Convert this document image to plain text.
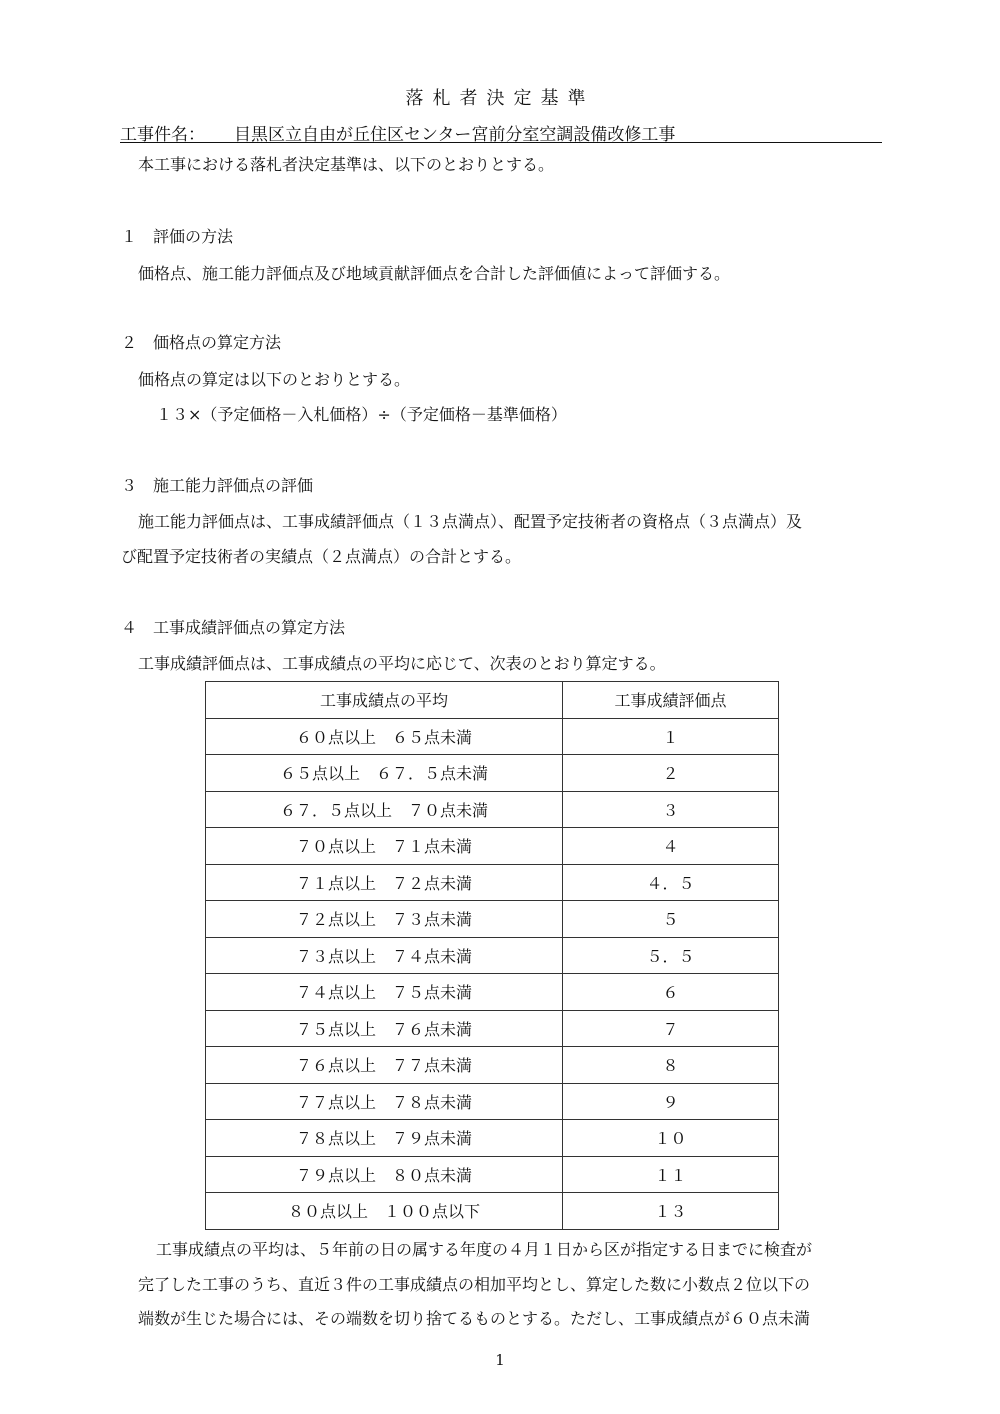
落札者決定基準

工事件名： 目黒区立自由が丘住区センター宮前分室空調設備改修工事

本工事における落札者決定基準は、以下のとおりとする。

１　評価の方法

価格点、施工能力評価点及び地域貢献評価点を合計した評価値によって評価する。

２　価格点の算定方法

価格点の算定は以下のとおりとする。

１３×（予定価格－入札価格）÷（予定価格－基準価格）

３　施工能力評価点の評価

施工能力評価点は、工事成績評価点（１３点満点）、配置予定技術者の資格点（３点満点）及

び配置予定技術者の実績点（２点満点）の合計とする。

４　工事成績評価点の算定方法

工事成績評価点は、工事成績点の平均に応じて、次表のとおり算定する。

工事成績点の平均	工事成績評価点
６０点以上　６５点未満	１
６５点以上　６７．５点未満	２
６７．５点以上　７０点未満	３
７０点以上　７１点未満	４
７１点以上　７２点未満	４．５
７２点以上　７３点未満	５
７３点以上　７４点未満	５．５
７４点以上　７５点未満	６
７５点以上　７６点未満	７
７６点以上　７７点未満	８
７７点以上　７８点未満	９
７８点以上　７９点未満	１０
７９点以上　８０点未満	１１
８０点以上　１００点以下	１３

工事成績点の平均は、５年前の日の属する年度の４月１日から区が指定する日までに検査が

完了した工事のうち、直近３件の工事成績点の相加平均とし、算定した数に小数点２位以下の

端数が生じた場合には、その端数を切り捨てるものとする。ただし、工事成績点が６０点未満

1
